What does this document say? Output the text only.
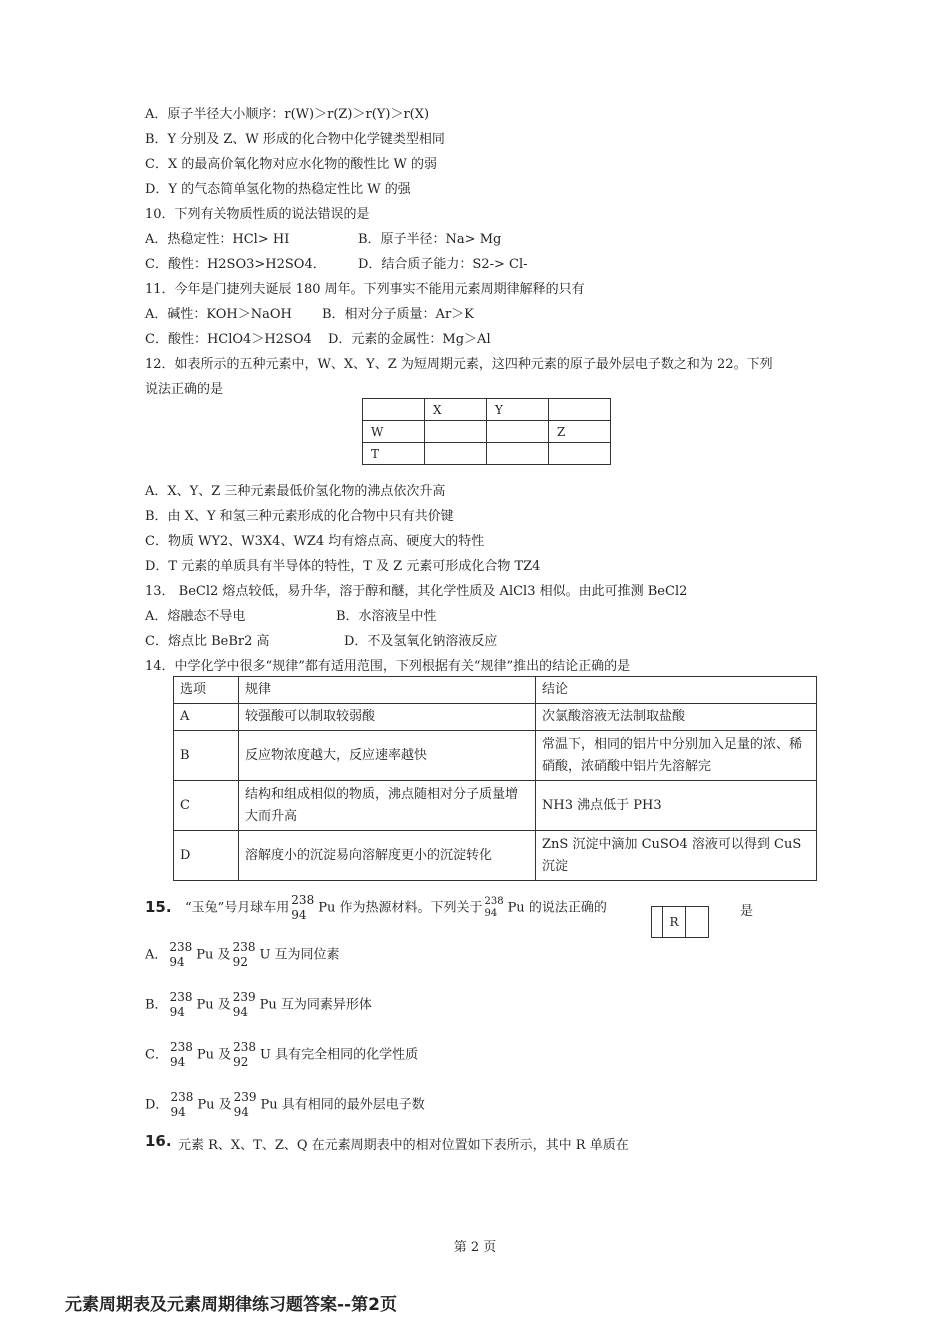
A．原子半径大小顺序：r(W)＞r(Z)＞r(Y)＞r(X)
B．Y 分别及 Z、W 形成的化合物中化学键类型相同
C．X 的最高价氧化物对应水化物的酸性比 W 的弱
D．Y 的气态简单氢化物的热稳定性比 W 的强
10．下列有关物质性质的说法错误的是
A．热稳定性：HCl> HI	B．原子半径：Na> Mg
C．酸性：H2SO3>H2SO4． D．结合质子能力：S2-> Cl-
11．今年是门捷列夫诞辰 180 周年。下列事实不能用元素周期律解释的只有
A．碱性：KOH＞NaOH B．相对分子质量：Ar＞K
C．酸性：HClO4＞H2SO4 D．元素的金属性：Mg＞Al
12．如表所示的五种元素中，W、X、Y、Z 为短周期元素，这四种元素的原子最外层电子数之和为 22。下列
说法正确的是
	X	Y	
W			Z
T			
A．X、Y、Z 三种元素最低价氢化物的沸点依次升高
B．由 X、Y 和氢三种元素形成的化合物中只有共价键
C．物质 WY2、W3X4、WZ4 均有熔点高、硬度大的特性
D．T 元素的单质具有半导体的特性，T 及 Z 元素可形成化合物 TZ4
13． BeCl2 熔点较低，易升华，溶于醇和醚，其化学性质及 AlCl3 相似。由此可推测 BeCl2
A．熔融态不导电	B．水溶液呈中性
C．熔点比 BeBr2 高	D．不及氢氧化钠溶液反应
14．中学化学中很多“规律”都有适用范围，下列根据有关“规律”推出的结论正确的是
选项	规律	结论
A	较强酸可以制取较弱酸	次氯酸溶液无法制取盐酸
B	反应物浓度越大，反应速率越快	常温下，相同的铝片中分别加入足量的浓、稀硝酸，浓硝酸中铝片先溶解完
C	结构和组成相似的物质，沸点随相对分子质量增大而升高	NH3 沸点低于 PH3
D	溶解度小的沉淀易向溶解度更小的沉淀转化	ZnS 沉淀中滴加 CuSO4 溶液可以得到 CuS 沉淀
15. “玉兔”号月球车用
238
94 Pu 作为热源材料。下列关于 238
94 Pu 的说法正确的
	R	
是
A．
238
94 Pu 及
238
92 U 互为同位素
B．
238
94 Pu 及
239
94 Pu 互为同素异形体
C．
238
94 Pu 及
238
92 U 具有完全相同的化学性质
D．
238
94 Pu 及
239
94 Pu 具有相同的最外层电子数
16. 元素 R、X、T、Z、Q 在元素周期表中的相对位置如下表所示，其中 R 单质在
第 2 页
元素周期表及元素周期律练习题答案--第2页
